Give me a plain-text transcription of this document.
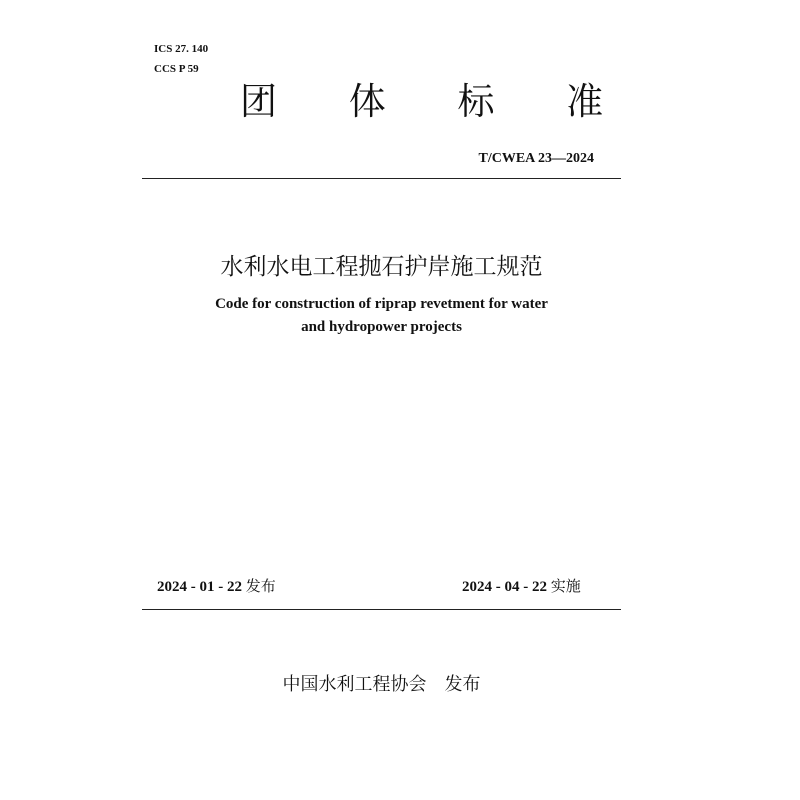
ICS 27. 140
CCS P 59
团 体 标 准
T/CWEA 23—2024
水利水电工程抛石护岸施工规范
Code for construction of riprap revetment for water
and hydropower projects
2024 - 01 - 22 发布	2024 - 04 - 22 实施
中国水利工程协会　发布
